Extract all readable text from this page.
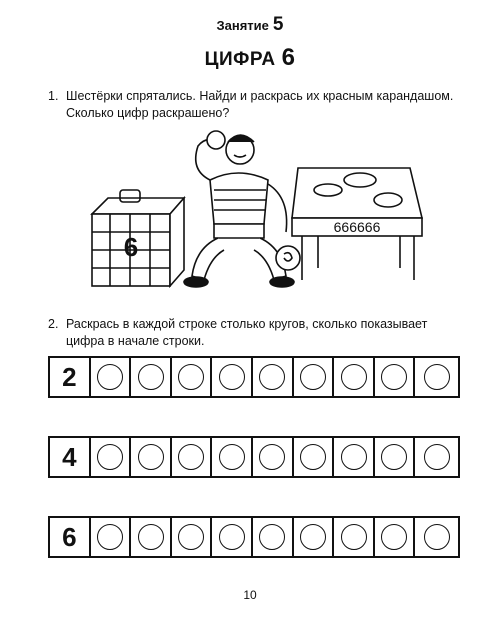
Занятие 5
ЦИФРА 6
1. Шестёрки спрятались. Найди и раскрась их красным карандашом. Сколько цифр раскрашено?
6
666666
2. Раскрась в каждой строке столько кругов, сколько показывает цифра в начале строки.
2
4
6
10
